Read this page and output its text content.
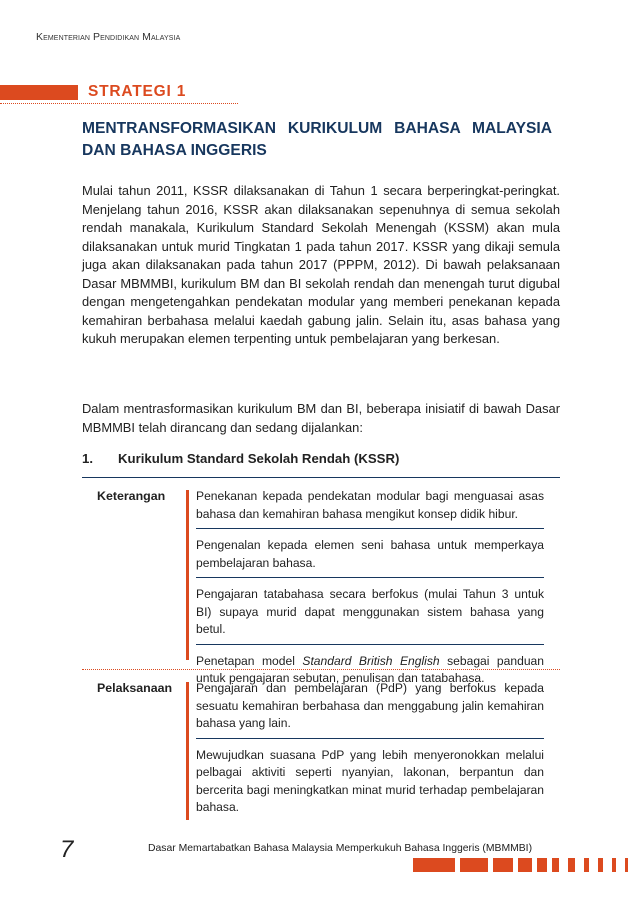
Kementerian Pendidikan Malaysia
STRATEGI 1
MENTRANSFORMASIKAN KURIKULUM BAHASA MALAYSIA DAN BAHASA INGGERIS
Mulai tahun 2011, KSSR dilaksanakan di Tahun 1 secara berperingkat-peringkat. Menjelang tahun 2016, KSSR akan dilaksanakan sepenuhnya di semua sekolah rendah manakala, Kurikulum Standard Sekolah Menengah (KSSM) akan mula dilaksanakan untuk murid Tingkatan 1 pada tahun 2017. KSSR yang dikaji semula juga akan dilaksanakan pada tahun 2017 (PPPM, 2012). Di bawah pelaksanaan Dasar MBMMBI, kurikulum BM dan BI sekolah rendah dan menengah turut digubal dengan mengetengahkan pendekatan modular yang memberi penekanan kepada kemahiran berbahasa melalui kaedah gabung jalin. Selain itu, asas bahasa yang kukuh merupakan elemen terpenting untuk pembelajaran yang berkesan.
Dalam mentrasformasikan kurikulum BM dan BI, beberapa inisiatif di bawah Dasar MBMMBI telah dirancang dan sedang dijalankan:
1. Kurikulum Standard Sekolah Rendah (KSSR)
Keterangan	Penekanan kepada pendekatan modular bagi menguasai asas bahasa dan kemahiran bahasa mengikut konsep didik hibur.
Pengenalan kepada elemen seni bahasa untuk memperkaya pembelajaran bahasa.
Pengajaran tatabahasa secara berfokus (mulai Tahun 3 untuk BI) supaya murid dapat menggunakan sistem bahasa yang betul.
Penetapan model Standard British English sebagai panduan untuk pengajaran sebutan, penulisan dan tatabahasa.
Pelaksanaan Pengajaran dan pembelajaran (PdP) yang berfokus kepada sesuatu kemahiran berbahasa dan menggabung jalin kemahiran bahasa yang lain.
Mewujudkan suasana PdP yang lebih menyeronokkan melalui pelbagai aktiviti seperti nyanyian, lakonan, berpantun dan bercerita bagi meningkatkan minat murid terhadap pembelajaran bahasa.
7	Dasar Memartabatkan Bahasa Malaysia Memperkukuh Bahasa Inggeris (MBMMBI)
